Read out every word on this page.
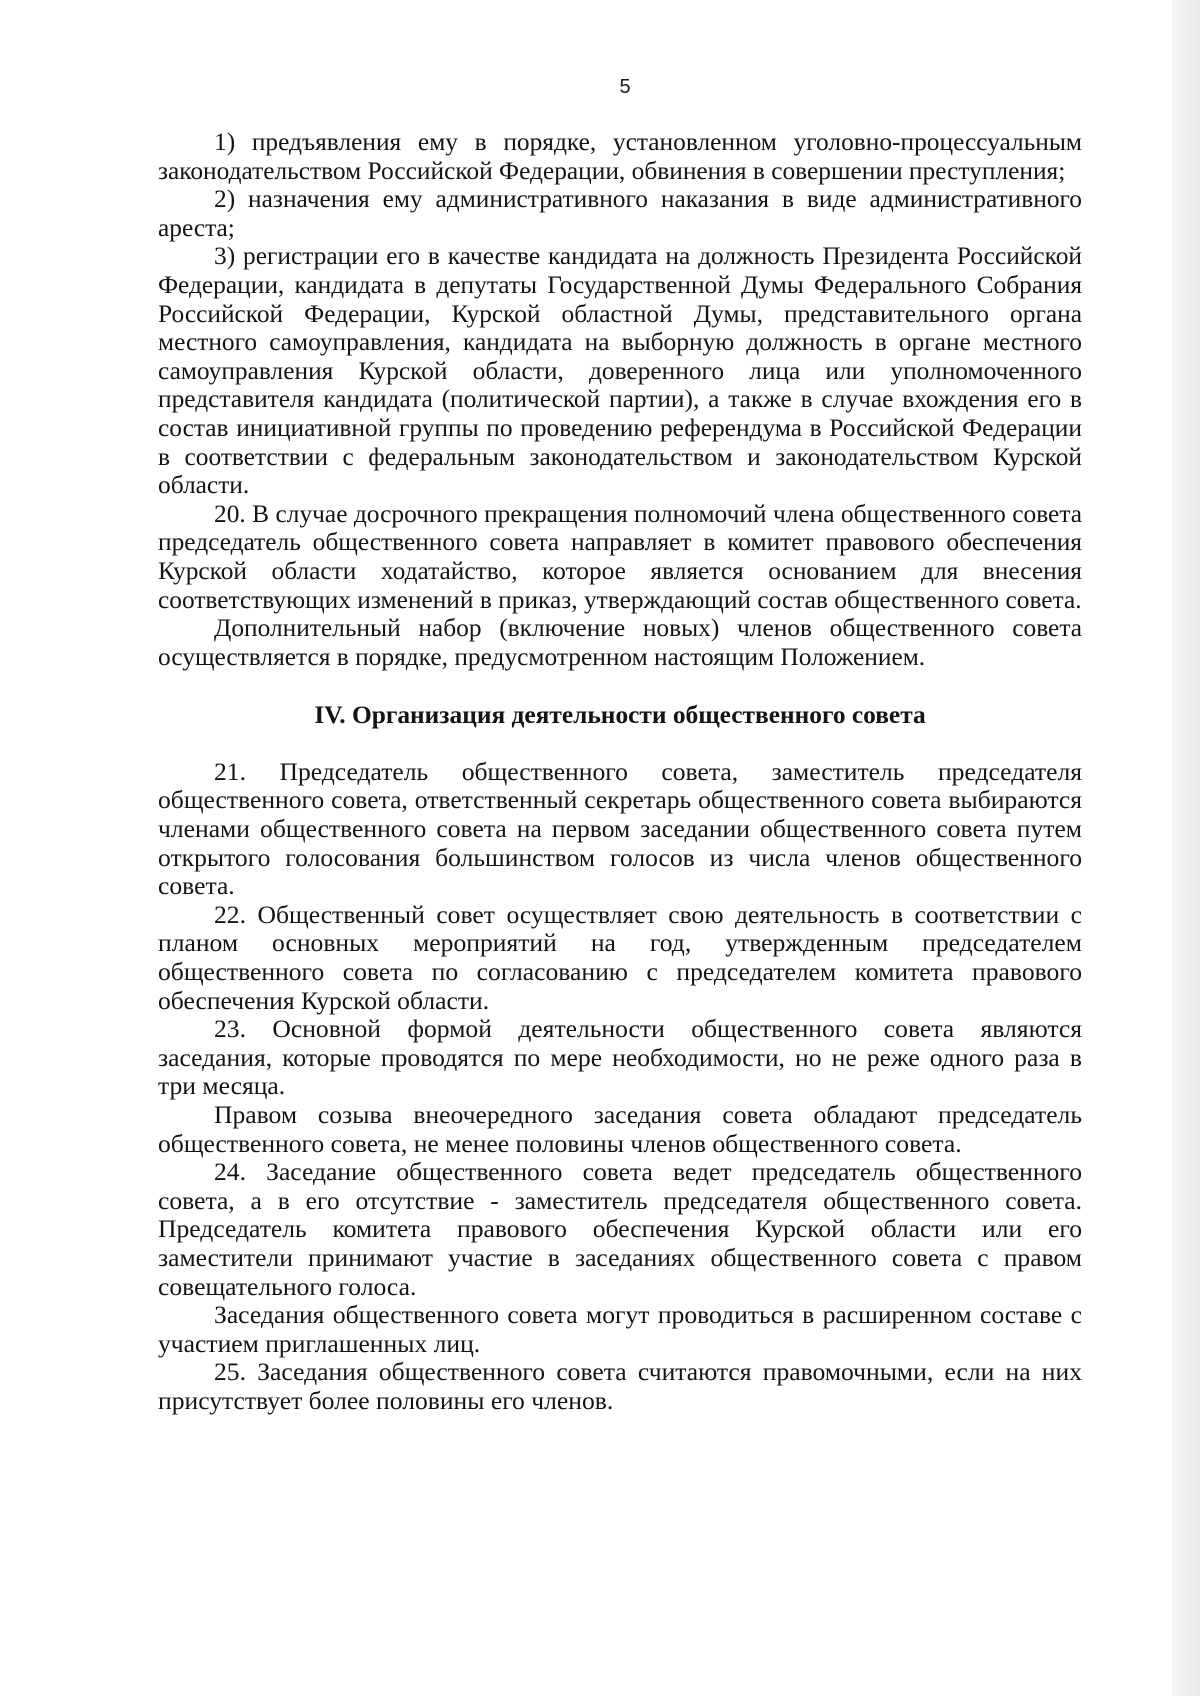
5

1) предъявления ему в порядке, установленном уголовно-процессуальным законодательством Российской Федерации, обвинения в совершении преступления;

2) назначения ему административного наказания в виде административного ареста;

3) регистрации его в качестве кандидата на должность Президента Российской Федерации, кандидата в депутаты Государственной Думы Федерального Собрания Российской Федерации, Курской областной Думы, представительного органа местного самоуправления, кандидата на выборную должность в органе местного самоуправления Курской области, доверенного лица или уполномоченного представителя кандидата (политической партии), а также в случае вхождения его в состав инициативной группы по проведению референдума в Российской Федерации в соответствии с федеральным законодательством и законодательством Курской области.

20. В случае досрочного прекращения полномочий члена общественного совета председатель общественного совета направляет в комитет правового обеспечения Курской области ходатайство, которое является основанием для внесения соответствующих изменений в приказ, утверждающий состав общественного совета.

Дополнительный набор (включение новых) членов общественного совета осуществляется в порядке, предусмотренном настоящим Положением.

IV. Организация деятельности общественного совета

21. Председатель общественного совета, заместитель председателя общественного совета, ответственный секретарь общественного совета выбираются членами общественного совета на первом заседании общественного совета путем открытого голосования большинством голосов из числа членов общественного совета.

22. Общественный совет осуществляет свою деятельность в соответствии с планом основных мероприятий на год, утвержденным председателем общественного совета по согласованию с председателем комитета правового обеспечения Курской области.

23. Основной формой деятельности общественного совета являются заседания, которые проводятся по мере необходимости, но не реже одного раза в три месяца.

Правом созыва внеочередного заседания совета обладают председатель общественного совета, не менее половины членов общественного совета.

24. Заседание общественного совета ведет председатель общественного совета, а в его отсутствие - заместитель председателя общественного совета. Председатель комитета правового обеспечения Курской области или его заместители принимают участие в заседаниях общественного совета с правом совещательного голоса.

Заседания общественного совета могут проводиться в расширенном составе с участием приглашенных лиц.

25. Заседания общественного совета считаются правомочными, если на них присутствует более половины его членов.
